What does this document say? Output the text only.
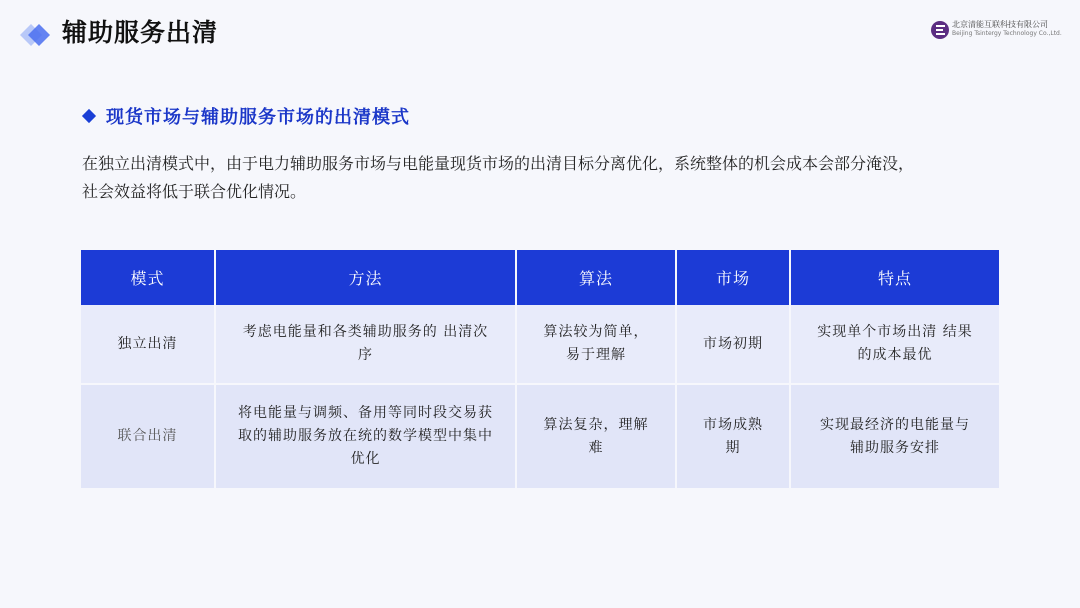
辅助服务出清	北京清能互联科技有限公司
Beijing Tsintergy Technology Co.,Ltd.
现货市场与辅助服务市场的出清模式

在独立出清模式中，由于电力辅助服务市场与电能量现货市场的出清目标分离优化，系统整体的机会成本会部分淹没，

社会效益将低于联合优化情况。

模式	方法	算法	市场	特点
独立出清	考虑电能量和各类辅助服务的 出清次序	算法较为简单，易于理解	市场初期	实现单个市场出清 结果的成本最优
联合出清	将电能量与调频、备用等同时段交易获取的辅助服务放在统的数学模型中集中优化	算法复杂，理解难	市场成熟期	实现最经济的电能量与辅助服务安排
